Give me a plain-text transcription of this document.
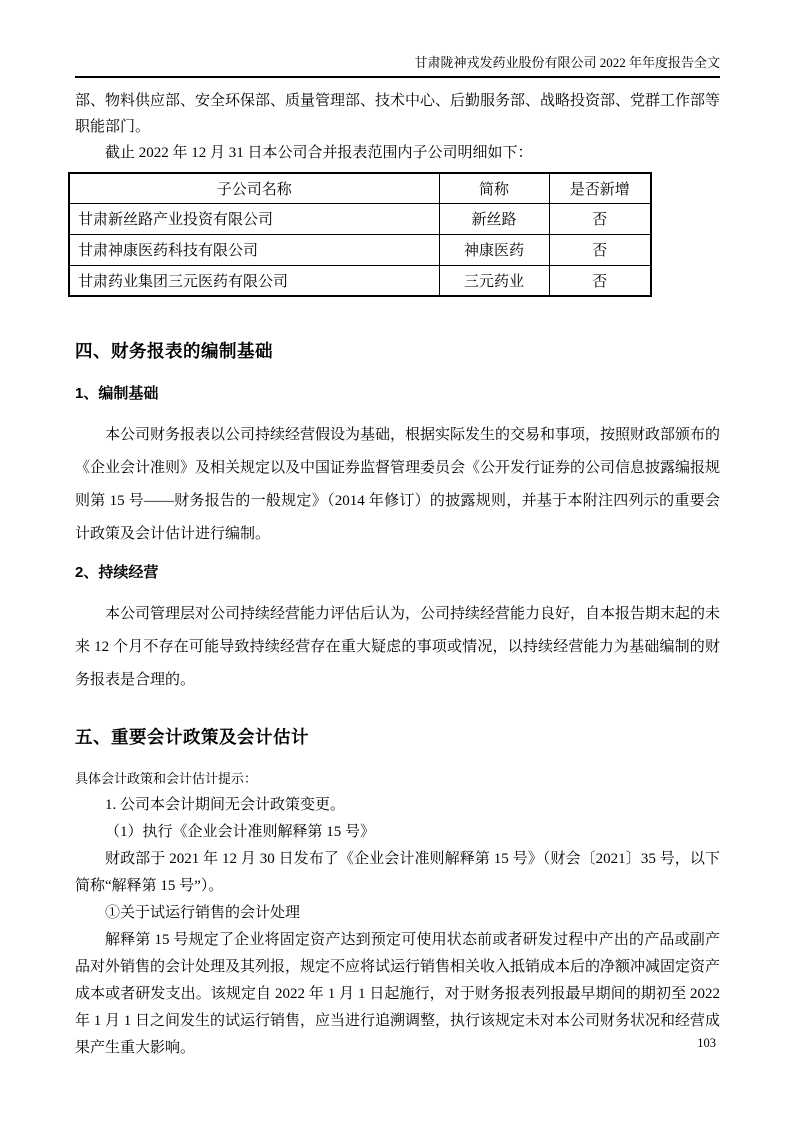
甘肃陇神戎发药业股份有限公司 2022 年年度报告全文

部、物料供应部、安全环保部、质量管理部、技术中心、后勤服务部、战略投资部、党群工作部等职能部门。

截止 2022 年 12 月 31 日本公司合并报表范围内子公司明细如下：

子公司名称	简称	是否新增
甘肃新丝路产业投资有限公司	新丝路	否
甘肃神康医药科技有限公司	神康医药	否
甘肃药业集团三元医药有限公司	三元药业	否
四、财务报表的编制基础
1、编制基础

本公司财务报表以公司持续经营假设为基础，根据实际发生的交易和事项，按照财政部颁布的《企业会计准则》及相关规定以及中国证券监督管理委员会《公开发行证券的公司信息披露编报规则第 15 号——财务报告的一般规定》（2014 年修订）的披露规则，并基于本附注四列示的重要会计政策及会计估计进行编制。

2、持续经营

本公司管理层对公司持续经营能力评估后认为，公司持续经营能力良好，自本报告期末起的未来 12 个月不存在可能导致持续经营存在重大疑虑的事项或情况，以持续经营能力为基础编制的财务报表是合理的。

五、重要会计政策及会计估计

具体会计政策和会计估计提示：

1. 公司本会计期间无会计政策变更。

（1）执行《企业会计准则解释第 15 号》

财政部于 2021 年 12 月 30 日发布了《企业会计准则解释第 15 号》（财会〔2021〕35 号，以下简称“解释第 15 号”）。

①关于试运行销售的会计处理

解释第 15 号规定了企业将固定资产达到预定可使用状态前或者研发过程中产出的产品或副产品对外销售的会计处理及其列报，规定不应将试运行销售相关收入抵销成本后的净额冲减固定资产成本或者研发支出。该规定自 2022 年 1 月 1 日起施行，对于财务报表列报最早期间的期初至 2022 年 1 月 1 日之间发生的试运行销售，应当进行追溯调整，执行该规定未对本公司财务状况和经营成果产生重大影响。	103
